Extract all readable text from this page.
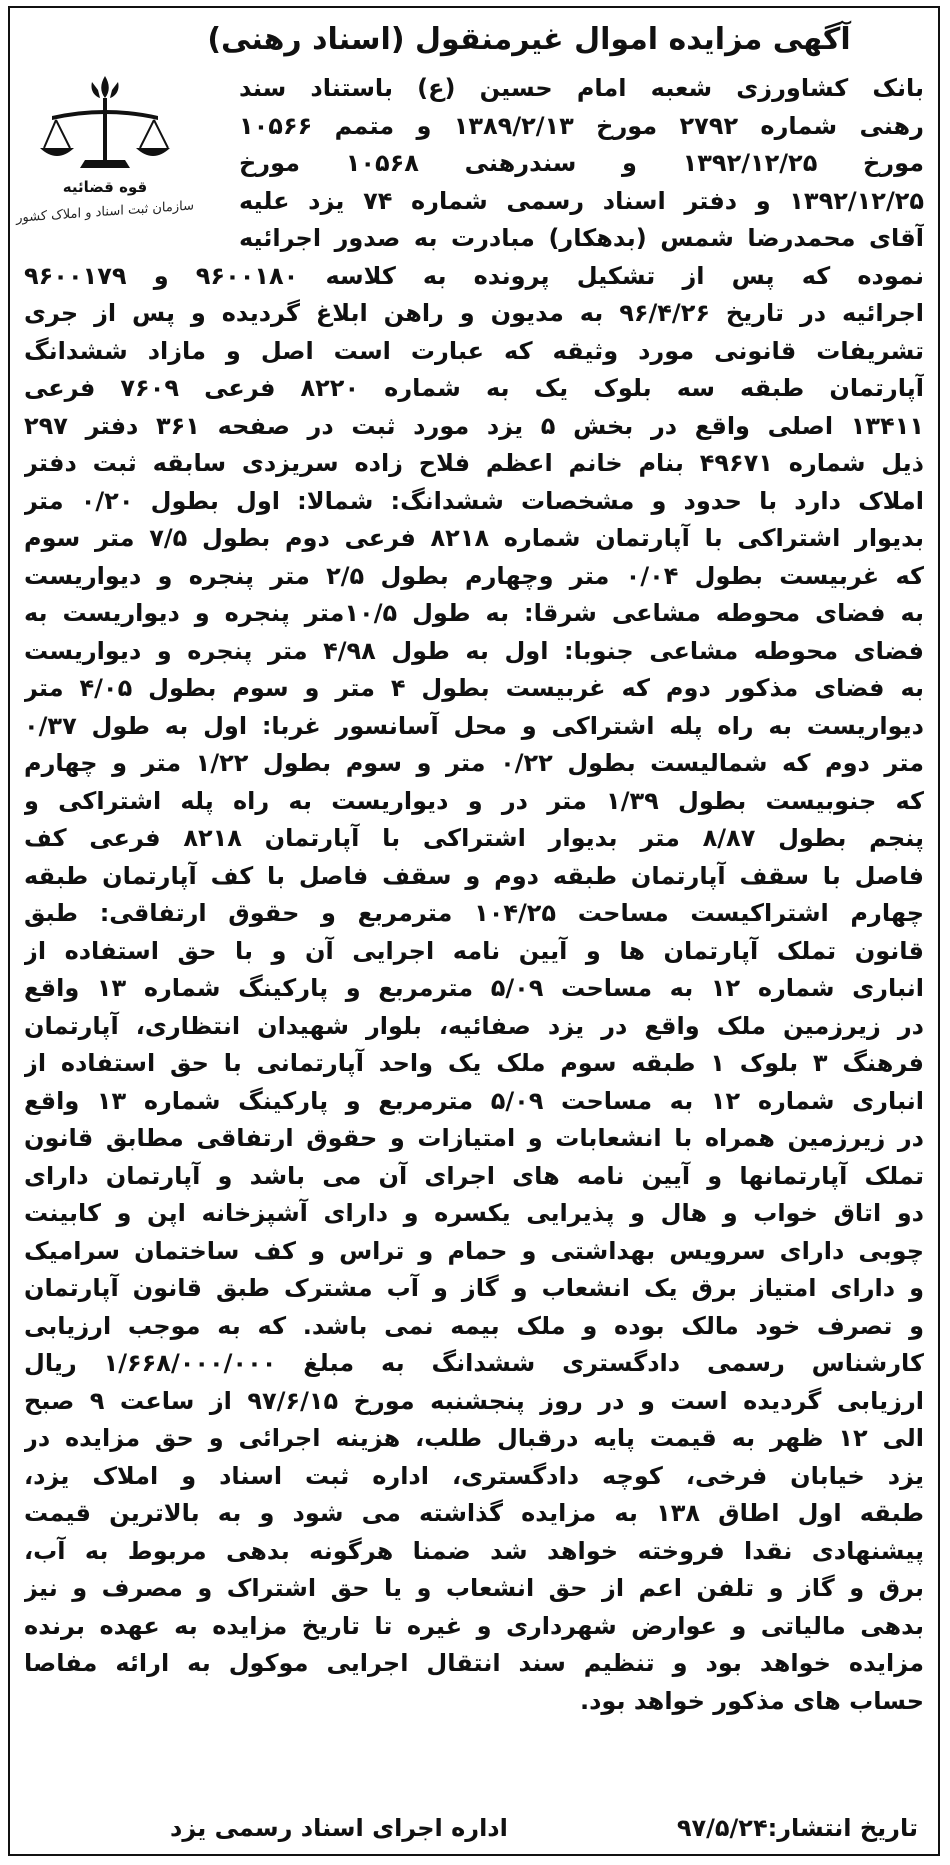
آگهی مزایده اموال غیرمنقول (اسناد رهنی)
قوه قضائیه
سازمان ثبت اسناد و املاک کشور
بانک کشاورزی شعبه امام حسین (ع) باستناد سند
رهنی شماره ۲۷۹۲ مورخ ۱۳۸۹/۲/۱۳ و متمم ۱۰۵۶۶
مورخ ۱۳۹۲/۱۲/۲۵ و سندرهنی ۱۰۵۶۸ مورخ
۱۳۹۲/۱۲/۲۵ و دفتر اسناد رسمی شماره ۷۴ یزد علیه
آقای محمدرضا شمس (بدهکار) مبادرت به صدور اجرائیه
نموده که پس از تشکیل پرونده به کلاسه ۹۶۰۰۱۸۰ و ۹۶۰۰۱۷۹
اجرائیه در تاریخ ۹۶/۴/۲۶ به مدیون و راهن ابلاغ گردیده و پس از جری
تشریفات قانونی مورد وثیقه که عبارت است اصل و مازاد ششدانگ
آپارتمان طبقه سه بلوک یک به شماره ۸۲۲۰ فرعی ۷۶۰۹ فرعی
۱۳۴۱۱ اصلی واقع در بخش ۵ یزد مورد ثبت در صفحه ۳۶۱ دفتر ۲۹۷
ذیل شماره ۴۹۶۷۱ بنام خانم اعظم فلاح زاده سریزدی سابقه ثبت دفتر
املاک دارد با حدود و مشخصات ششدانگ: شمالا: اول بطول ۰/۲۰ متر
بدیوار اشتراکی با آپارتمان شماره ۸۲۱۸ فرعی دوم بطول ۷/۵ متر سوم
که غربیست بطول ۰/۰۴ متر وچهارم بطول ۲/۵ متر پنجره و دیواریست
به فضای محوطه مشاعی شرقا: به طول ۱۰/۵متر پنجره و دیواریست به
فضای محوطه مشاعی جنوبا: اول به طول ۴/۹۸ متر پنجره و دیواریست
به فضای مذکور دوم که غربیست بطول ۴ متر و سوم بطول ۴/۰۵ متر
دیواریست به راه پله اشتراکی و محل آسانسور غربا: اول به طول ۰/۳۷
متر دوم که شمالیست بطول ۰/۲۲ متر و سوم بطول ۱/۲۲ متر و چهارم
که جنوبیست بطول ۱/۳۹ متر در و دیواریست به راه پله اشتراکی و
پنجم بطول ۸/۸۷ متر بدیوار اشتراکی با آپارتمان ۸۲۱۸ فرعی کف
فاصل با سقف آپارتمان طبقه دوم و سقف فاصل با کف آپارتمان طبقه
چهارم اشتراکیست مساحت ۱۰۴/۲۵ مترمربع و حقوق ارتفاقی: طبق
قانون تملک آپارتمان ها و آیین نامه اجرایی آن و با حق استفاده از
انباری شماره ۱۲ به مساحت ۵/۰۹ مترمربع و پارکینگ شماره ۱۳ واقع
در زیرزمین ملک واقع در یزد صفائیه، بلوار شهیدان انتظاری، آپارتمان
فرهنگ ۳ بلوک ۱ طبقه سوم ملک یک واحد آپارتمانی با حق استفاده از
انباری شماره ۱۲ به مساحت ۵/۰۹ مترمربع و پارکینگ شماره ۱۳ واقع
در زیرزمین همراه با انشعابات و امتیازات و حقوق ارتفاقی مطابق قانون
تملک آپارتمانها و آیین نامه های اجرای آن می باشد و آپارتمان دارای
دو اتاق خواب و هال و پذیرایی یکسره و دارای آشپزخانه اپن و کابینت
چوبی دارای سرویس بهداشتی و حمام و تراس و کف ساختمان سرامیک
و دارای امتیاز برق یک انشعاب و گاز و آب مشترک طبق قانون آپارتمان
و تصرف خود مالک بوده و ملک بیمه نمی باشد. که به موجب ارزیابی
کارشناس رسمی دادگستری ششدانگ به مبلغ ۱/۶۶۸/۰۰۰/۰۰۰ ریال
ارزیابی گردیده است و در روز پنجشنبه مورخ ۹۷/۶/۱۵ از ساعت ۹ صبح
الی ۱۲ ظهر به قیمت پایه درقبال طلب، هزینه اجرائی و حق مزایده در
یزد خیابان فرخی، کوچه دادگستری، اداره ثبت اسناد و املاک یزد،
طبقه اول اطاق ۱۳۸ به مزایده گذاشته می شود و به بالاترین قیمت
پیشنهادی نقدا فروخته خواهد شد ضمنا هرگونه بدهی مربوط به آب،
برق و گاز و تلفن اعم از حق انشعاب و یا حق اشتراک و مصرف و نیز
بدهی مالیاتی و عوارض شهرداری و غیره تا تاریخ مزایده به عهده برنده
مزایده خواهد بود و تنظیم سند انتقال اجرایی موکول به ارائه مفاصا
حساب های مذکور خواهد بود.
تاریخ انتشار:۹۷/۵/۲۴
اداره اجرای اسناد رسمی یزد
